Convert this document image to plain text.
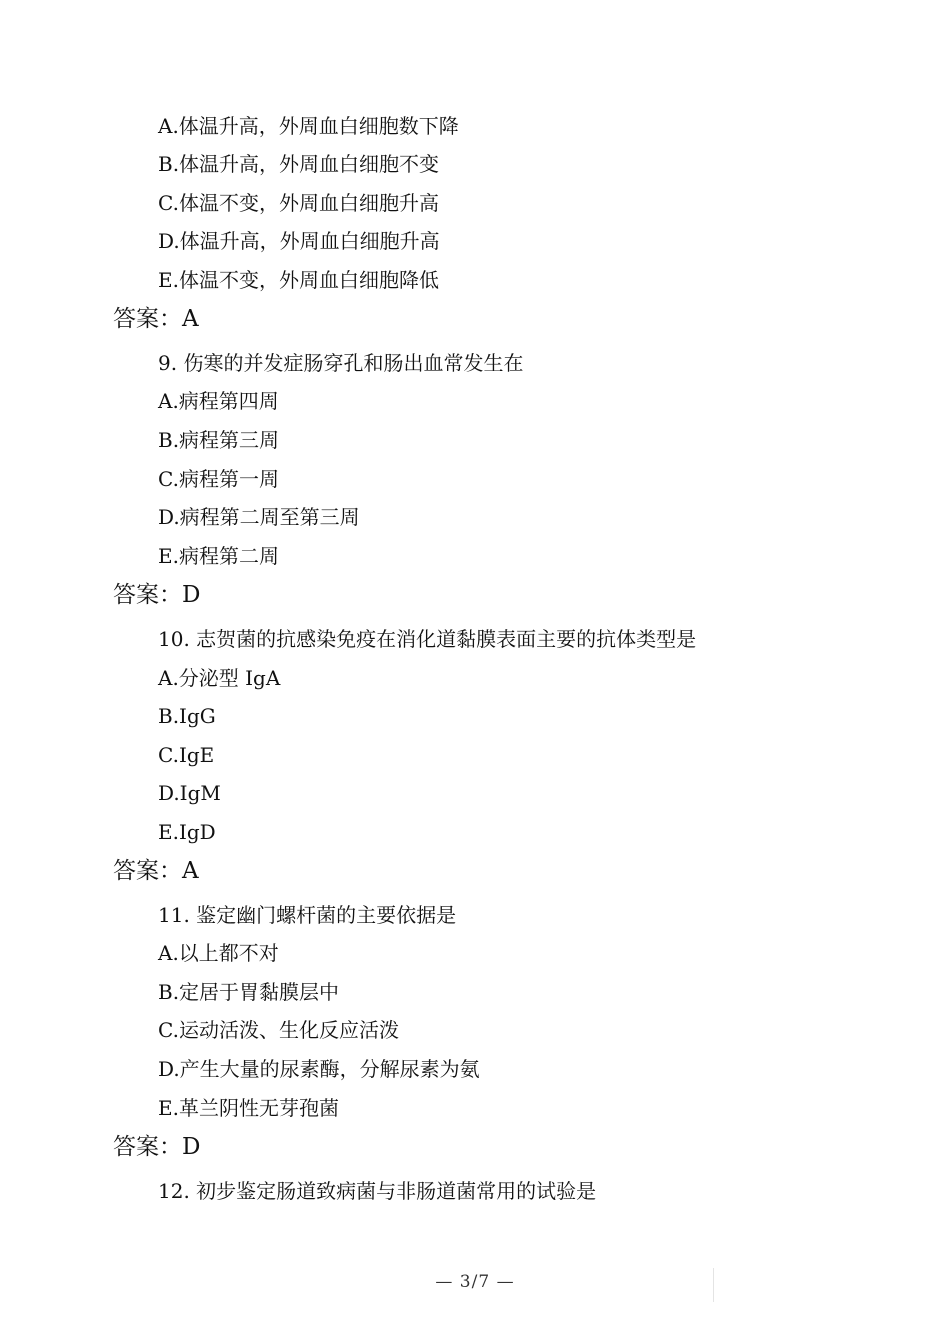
A.体温升高，外周血白细胞数下降
B.体温升高，外周血白细胞不变
C.体温不变，外周血白细胞升高
D.体温升高，外周血白细胞升高
E.体温不变，外周血白细胞降低
答案：A
9. 伤寒的并发症肠穿孔和肠出血常发生在
A.病程第四周
B.病程第三周
C.病程第一周
D.病程第二周至第三周
E.病程第二周
答案：D
10. 志贺菌的抗感染免疫在消化道黏膜表面主要的抗体类型是
A.分泌型 IgA
B.IgG
C.IgE
D.IgM
E.IgD
答案：A
11. 鉴定幽门螺杆菌的主要依据是
A.以上都不对
B.定居于胃黏膜层中
C.运动活泼、生化反应活泼
D.产生大量的尿素酶，分解尿素为氨
E.革兰阴性无芽孢菌
答案：D
12. 初步鉴定肠道致病菌与非肠道菌常用的试验是
— 3/7 —
